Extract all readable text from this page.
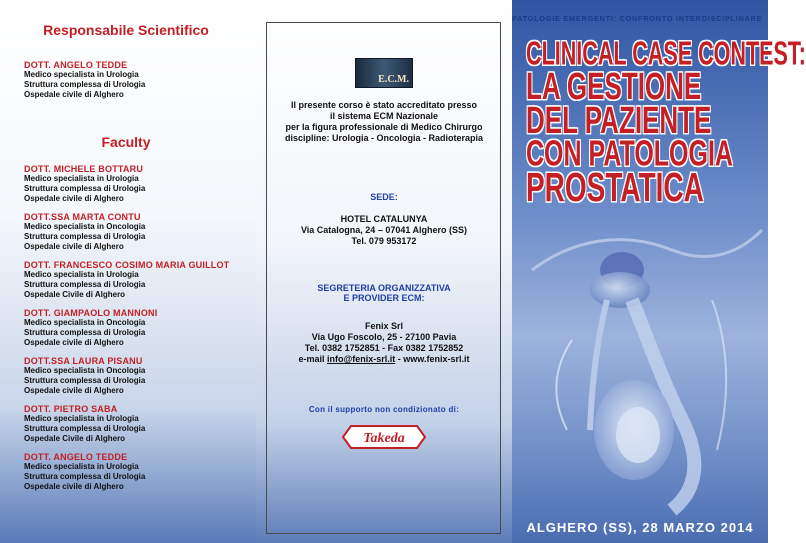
Responsabile Scientifico
DOTT. ANGELO TEDDE
Medico specialista in Urologia
Struttura complessa di Urologia
Ospedale civile di Alghero
Faculty
DOTT. MICHELE BOTTARU
Medico specialista in Urologia
Struttura complessa di Urologia
Ospedale civile di Alghero
DOTT.SSA MARTA CONTU
Medico specialista in Oncologia
Struttura complessa di Urologia
Ospedale civile di Alghero
DOTT. FRANCESCO COSIMO MARIA GUILLOT
Medico specialista in Urologia
Struttura complessa di Urologia
Ospedale Civile di Alghero
DOTT. GIAMPAOLO MANNONI
Medico specialista in Oncologia
Struttura complessa di Urologia
Ospedale civile di Alghero
DOTT.SSA LAURA PISANU
Medico specialista in Oncologia
Struttura complessa di Urologia
Ospedale civile di Alghero
DOTT. PIETRO SABA
Medico specialista in Urologia
Struttura complessa di Urologia
Ospedale Civile di Alghero
DOTT. ANGELO TEDDE
Medico specialista in Urologia
Struttura complessa di Urologia
Ospedale civile di Alghero
E.C.M.
Il presente corso è stato accreditato presso
il sistema ECM Nazionale
per la figura professionale di Medico Chirurgo
discipline: Urologia - Oncologia - Radioterapia
SEDE:
HOTEL CATALUNYA
Via Catalogna, 24 – 07041 Alghero (SS)
Tel. 079 953172
SEGRETERIA ORGANIZZATIVA
E PROVIDER ECM:
Fenix Srl
Via Ugo Foscolo, 25 - 27100 Pavia
Tel. 0382 1752851 - Fax 0382 1752852
e-mail info@fenix-srl.it - www.fenix-srl.it
Con il supporto non condizionato di:
Takeda
PATOLOGIE EMERGENTI: CONFRONTO INTERDISCIPLINARE
CLINICAL CASE CONTEST:
LA GESTIONE
DEL PAZIENTE
CON PATOLOGIA
PROSTATICA
ALGHERO (SS), 28 MARZO 2014
